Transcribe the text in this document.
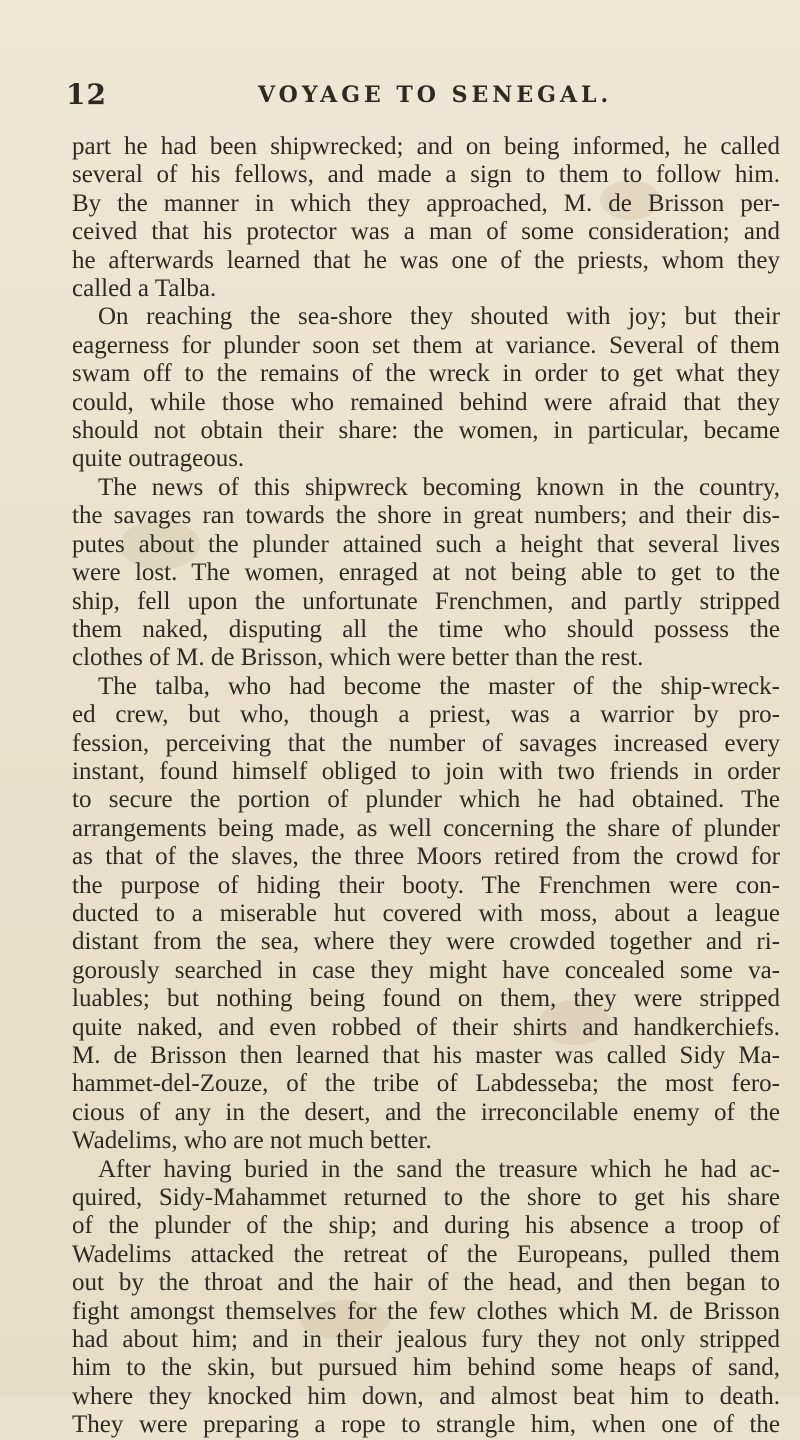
12	VOYAGE TO SENEGAL.
part he had been shipwrecked; and on being informed, he called
several of his fellows, and made a sign to them to follow him.
By the manner in which they approached, M. de Brisson per-
ceived that his protector was a man of some consideration; and
he afterwards learned that he was one of the priests, whom they
called a Talba.
On reaching the sea-shore they shouted with joy; but their
eagerness for plunder soon set them at variance. Several of them
swam off to the remains of the wreck in order to get what they
could, while those who remained behind were afraid that they
should not obtain their share: the women, in particular, became
quite outrageous.
The news of this shipwreck becoming known in the country,
the savages ran towards the shore in great numbers; and their dis-
putes about the plunder attained such a height that several lives
were lost. The women, enraged at not being able to get to the
ship, fell upon the unfortunate Frenchmen, and partly stripped
them naked, disputing all the time who should possess the
clothes of M. de Brisson, which were better than the rest.
The talba, who had become the master of the ship-wreck-
ed crew, but who, though a priest, was a warrior by pro-
fession, perceiving that the number of savages increased every
instant, found himself obliged to join with two friends in order
to secure the portion of plunder which he had obtained. The
arrangements being made, as well concerning the share of plunder
as that of the slaves, the three Moors retired from the crowd for
the purpose of hiding their booty. The Frenchmen were con-
ducted to a miserable hut covered with moss, about a league
distant from the sea, where they were crowded together and ri-
gorously searched in case they might have concealed some va-
luables; but nothing being found on them, they were stripped
quite naked, and even robbed of their shirts and handkerchiefs.
M. de Brisson then learned that his master was called Sidy Ma-
hammet-del-Zouze, of the tribe of Labdesseba; the most fero-
cious of any in the desert, and the irreconcilable enemy of the
Wadelims, who are not much better.
After having buried in the sand the treasure which he had ac-
quired, Sidy-Mahammet returned to the shore to get his share
of the plunder of the ship; and during his absence a troop of
Wadelims attacked the retreat of the Europeans, pulled them
out by the throat and the hair of the head, and then began to
fight amongst themselves for the few clothes which M. de Brisson
had about him; and in their jealous fury they not only stripped
him to the skin, but pursued him behind some heaps of sand,
where they knocked him down, and almost beat him to death.
They were preparing a rope to strangle him, when one of the
